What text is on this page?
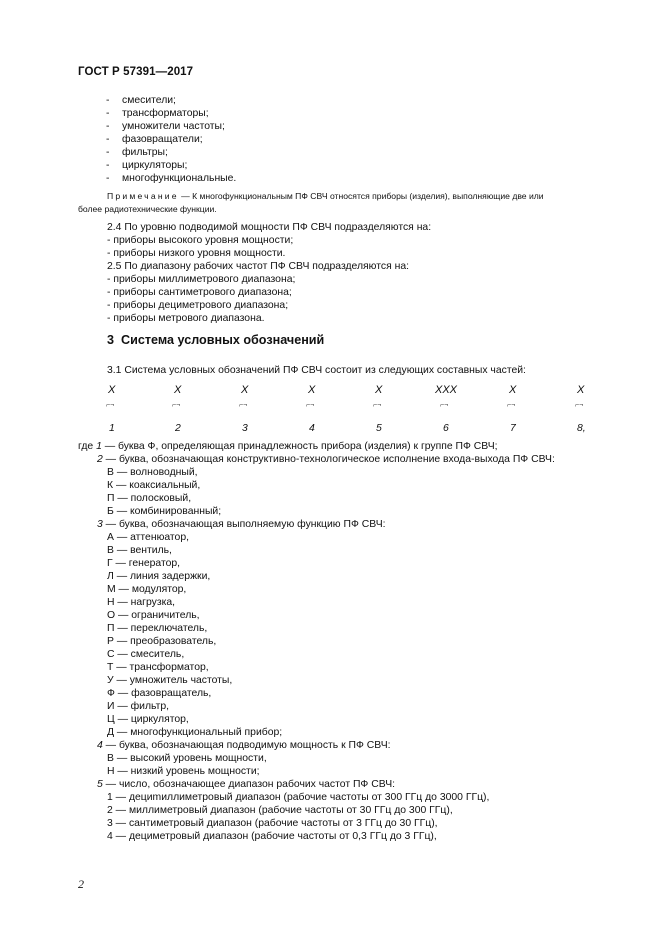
ГОСТ Р 57391—2017
- смесители;
- трансформаторы;
- умножители частоты;
- фазовращатели;
- фильтры;
- циркуляторы;
- многофункциональные.
Примечание — К многофункциональным ПФ СВЧ относятся приборы (изделия), выполняющие две или
более радиотехнические функции.
2.4 По уровню подводимой мощности ПФ СВЧ подразделяются на:
- приборы высокого уровня мощности;
- приборы низкого уровня мощности.
2.5 По диапазону рабочих частот ПФ СВЧ подразделяются на:
- приборы миллиметрового диапазона;
- приборы сантиметрового диапазона;
- приборы дециметрового диапазона;
- приборы метрового диапазона.
3 Система условных обозначений
3.1 Система условных обозначений ПФ СВЧ состоит из следующих составных частей:
X	X	X	X	X	XXX	X	X
⌐¬	⌐¬	⌐¬	⌐¬	⌐¬	⌐¬	⌐¬	⌐¬
1	2	3	4	5	6	7	8,
где 1 — буква Ф, определяющая принадлежность прибора (изделия) к группе ПФ СВЧ;
2 — буква, обозначающая конструктивно-технологическое исполнение входа-выхода ПФ СВЧ:
В — волноводный,
К — коаксиальный,
П — полосковый,
Б — комбинированный;
3 — буква, обозначающая выполняемую функцию ПФ СВЧ:
А — аттенюатор,
В — вентиль,
Г — генератор,
Л — линия задержки,
М — модулятор,
Н — нагрузка,
О — ограничитель,
П — переключатель,
Р — преобразователь,
С — смеситель,
Т — трансформатор,
У — умножитель частоты,
Ф — фазовращатель,
И — фильтр,
Ц — циркулятор,
Д — многофункциональный прибор;
4 — буква, обозначающая подводимую мощность к ПФ СВЧ:
В — высокий уровень мощности,
Н — низкий уровень мощности;
5 — число, обозначающее диапазон рабочих частот ПФ СВЧ:
1 — дециmиллиметровый диапазон (рабочие частоты от 300 ГГц до 3000 ГГц),
2 — миллиметровый диапазон (рабочие частоты от 30 ГГц до 300 ГГц),
3 — сантиметровый диапазон (рабочие частоты от 3 ГГц до 30 ГГц),
4 — дециметровый диапазон (рабочие частоты от 0,3 ГГц до 3 ГГц),
2
